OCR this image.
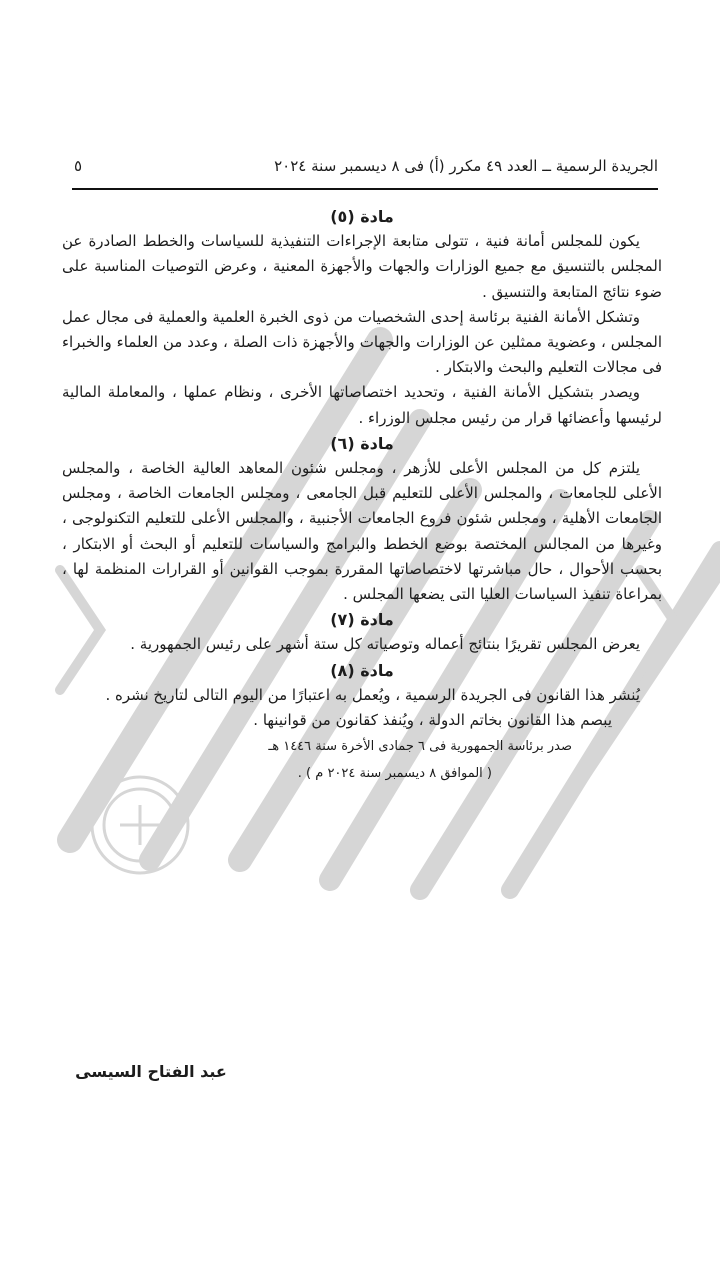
الجريدة الرسمية ــ العدد ٤٩ مكرر (أ) فى ٨ ديسمبر سنة ٢٠٢٤
٥

مادة (٥)

يكون للمجلس أمانة فنية ، تتولى متابعة الإجراءات التنفيذية للسياسات والخطط الصادرة عن المجلس بالتنسيق مع جميع الوزارات والجهات والأجهزة المعنية ، وعرض التوصيات المناسبة على ضوء نتائج المتابعة والتنسيق .

وتشكل الأمانة الفنية برئاسة إحدى الشخصيات من ذوى الخبرة العلمية والعملية فى مجال عمل المجلس ، وعضوية ممثلين عن الوزارات والجهات والأجهزة ذات الصلة ، وعدد من العلماء والخبراء فى مجالات التعليم والبحث والابتكار .

ويصدر بتشكيل الأمانة الفنية ، وتحديد اختصاصاتها الأخرى ، ونظام عملها ، والمعاملة المالية لرئيسها وأعضائها قرار من رئيس مجلس الوزراء .

مادة (٦)

يلتزم كل من المجلس الأعلى للأزهر ، ومجلس شئون المعاهد العالية الخاصة ، والمجلس الأعلى للجامعات ، والمجلس الأعلى للتعليم قبل الجامعى ، ومجلس الجامعات الخاصة ، ومجلس الجامعات الأهلية ، ومجلس شئون فروع الجامعات الأجنبية ، والمجلس الأعلى للتعليم التكنولوجى ، وغيرها من المجالس المختصة بوضع الخطط والبرامج والسياسات للتعليم أو البحث أو الابتكار ، بحسب الأحوال ، حال مباشرتها لاختصاصاتها المقررة بموجب القوانين أو القرارات المنظمة لها ، بمراعاة تنفيذ السياسات العليا التى يضعها المجلس .

مادة (٧)

يعرض المجلس تقريرًا بنتائج أعماله وتوصياته كل ستة أشهر على رئيس الجمهورية .

مادة (٨)

يُنشر هذا القانون فى الجريدة الرسمية ، ويُعمل به اعتبارًا من اليوم التالى لتاريخ نشره .

يبصم هذا القانون بخاتم الدولة ، ويُنفذ كقانون من قوانينها .

صدر برئاسة الجمهورية فى ٦ جمادى الأخرة سنة ١٤٤٦ هـ

( الموافق ٨ ديسمبر سنة ٢٠٢٤ م ) .

عبد الفتاح السيسى
